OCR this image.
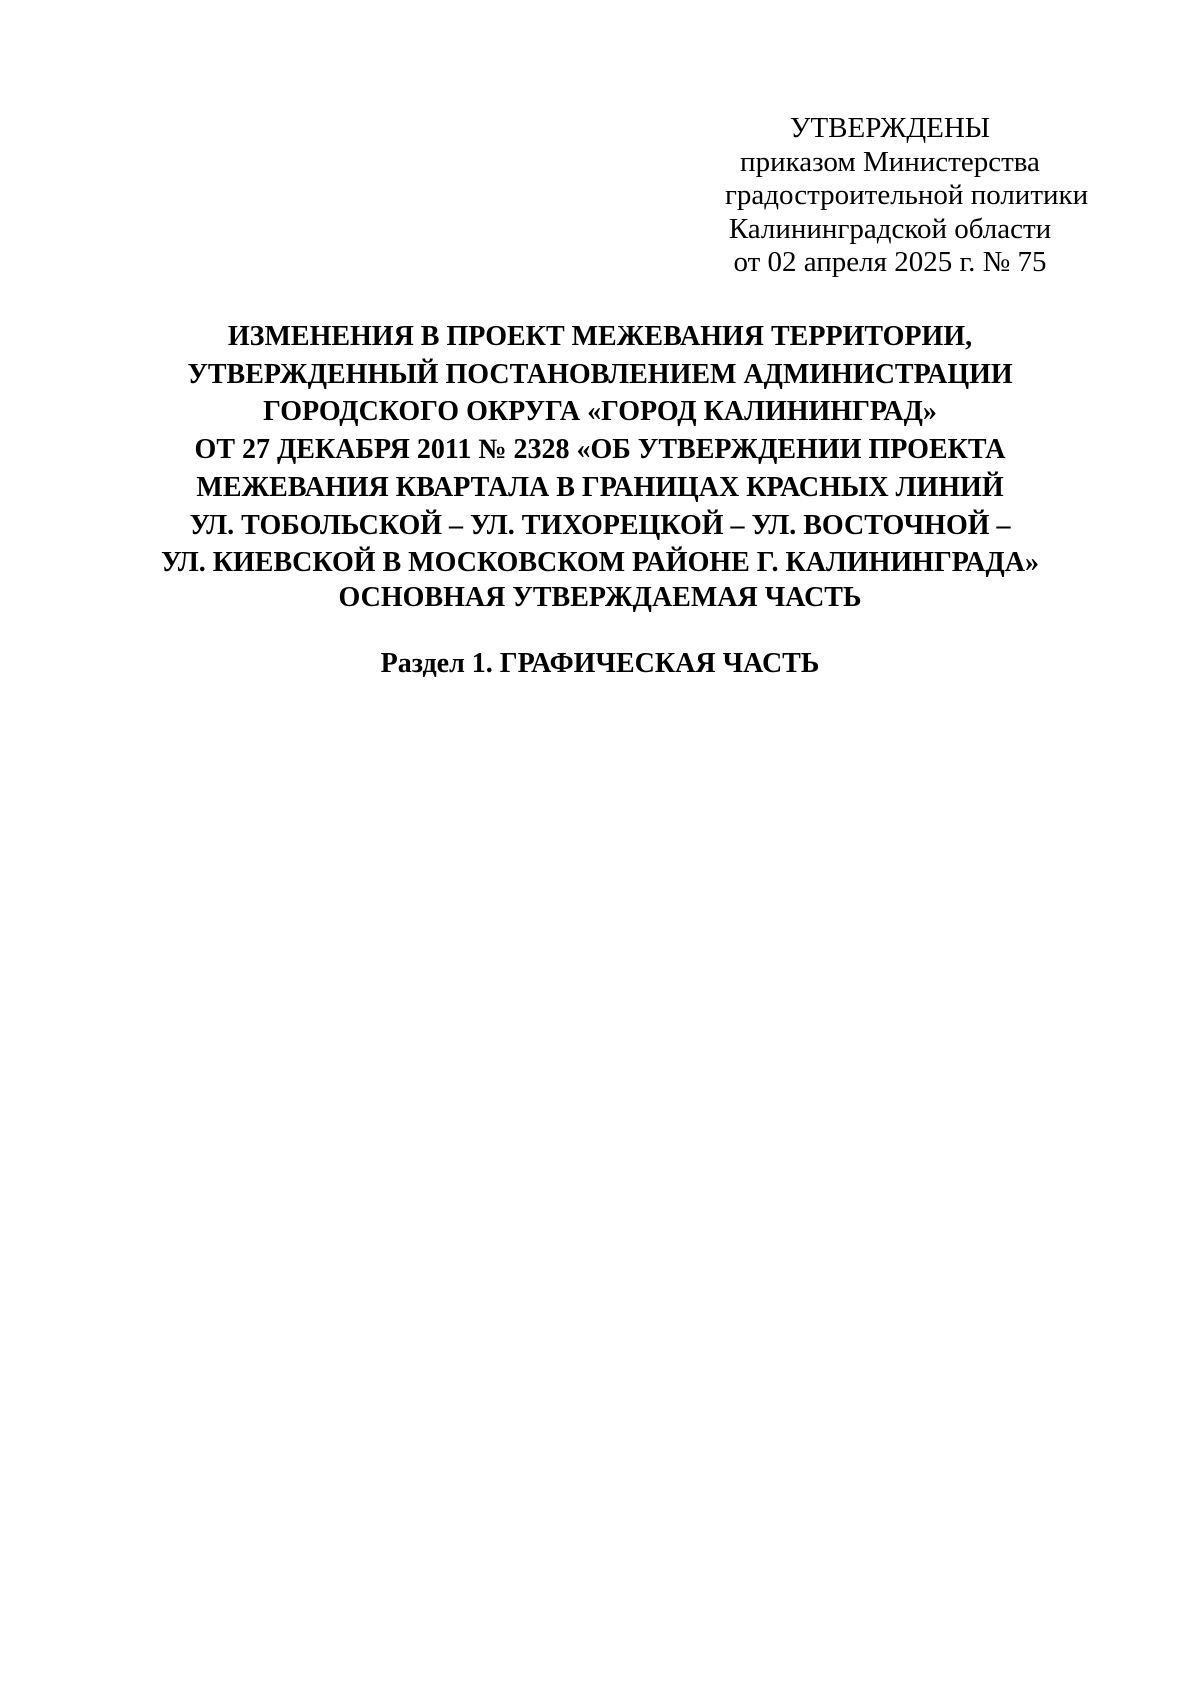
УТВЕРЖДЕНЫ
приказом Министерства
градостроительной политики
Калининградской области
от 02 апреля 2025 г. № 75
ИЗМЕНЕНИЯ В ПРОЕКТ МЕЖЕВАНИЯ ТЕРРИТОРИИ,
УТВЕРЖДЕННЫЙ ПОСТАНОВЛЕНИЕМ АДМИНИСТРАЦИИ
ГОРОДСКОГО ОКРУГА «ГОРОД КАЛИНИНГРАД»
ОТ 27 ДЕКАБРЯ 2011 № 2328 «ОБ УТВЕРЖДЕНИИ ПРОЕКТА
МЕЖЕВАНИЯ КВАРТАЛА В ГРАНИЦАХ КРАСНЫХ ЛИНИЙ
УЛ. ТОБОЛЬСКОЙ – УЛ. ТИХОРЕЦКОЙ – УЛ. ВОСТОЧНОЙ –
УЛ. КИЕВСКОЙ В МОСКОВСКОМ РАЙОНЕ Г. КАЛИНИНГРАДА»
ОСНОВНАЯ УТВЕРЖДАЕМАЯ ЧАСТЬ
Раздел 1. ГРАФИЧЕСКАЯ ЧАСТЬ
